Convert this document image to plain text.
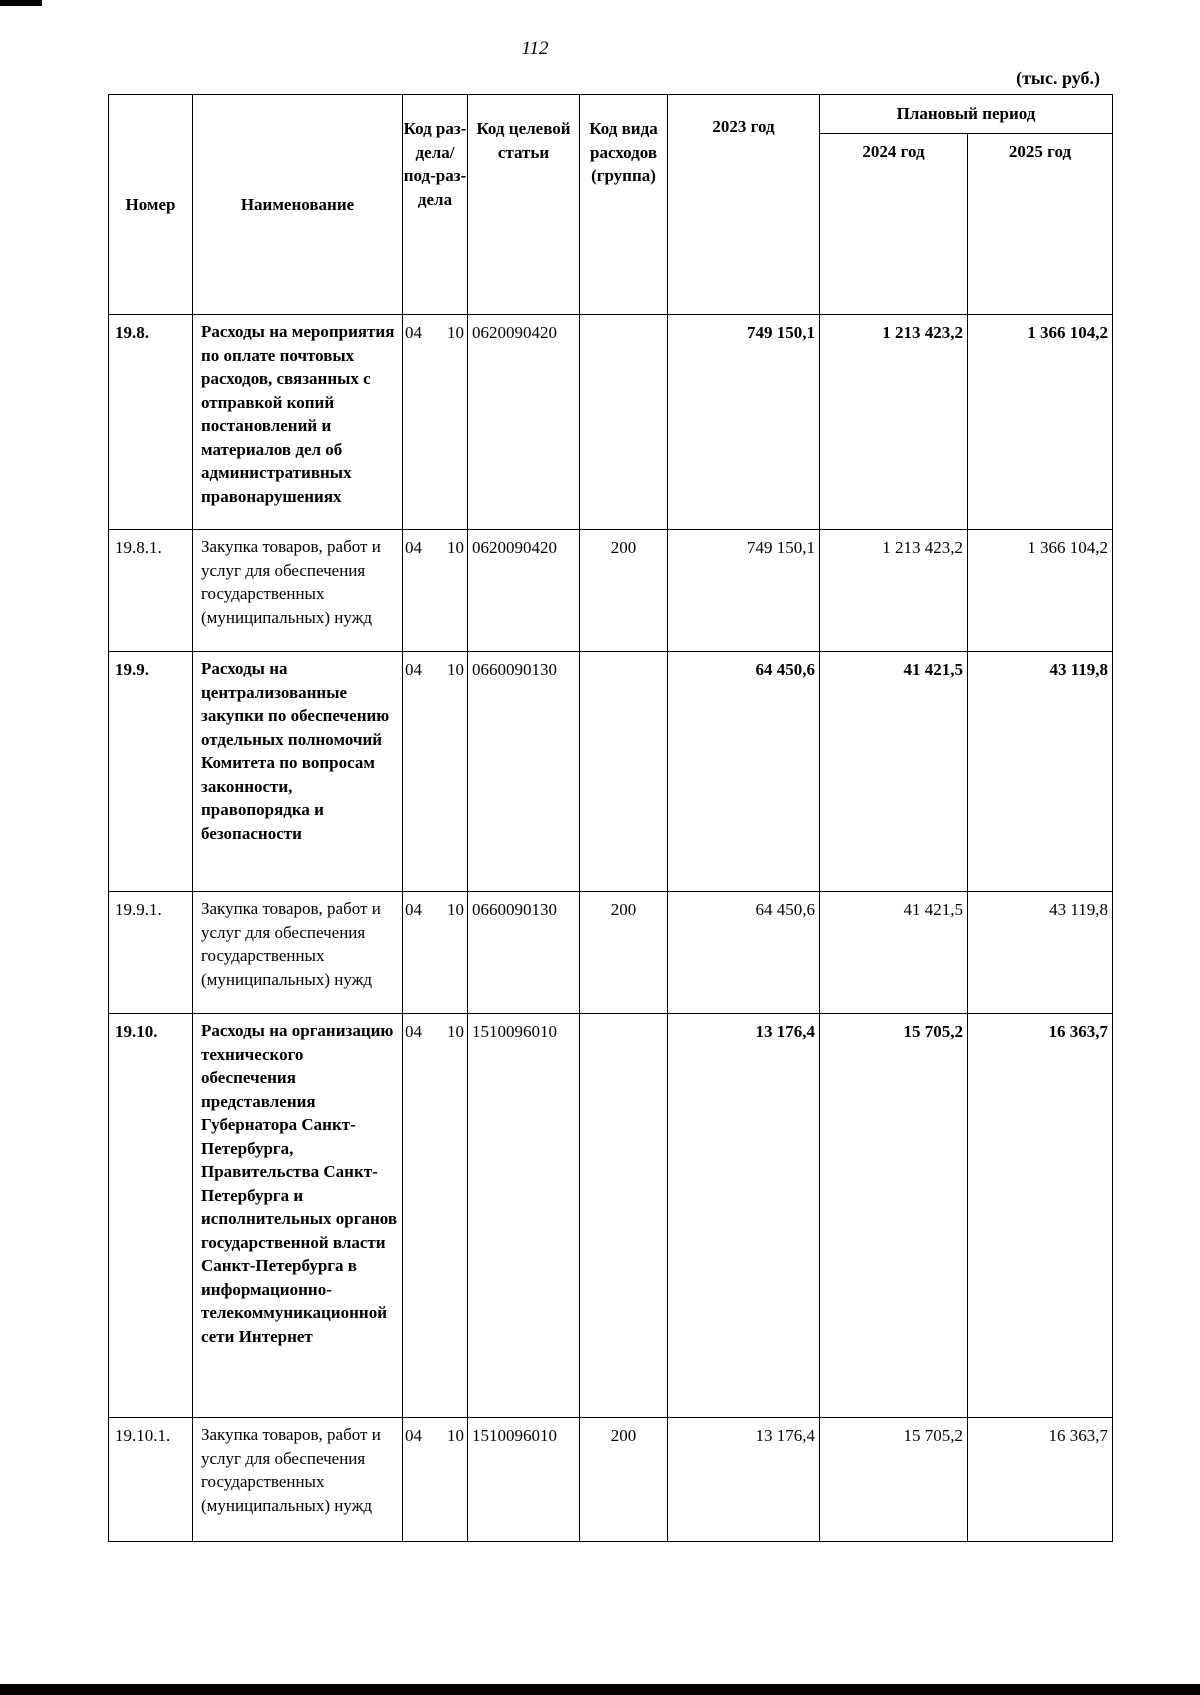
112
(тыс. руб.)
Номер	Наименование	Код раз-дела/ под-раз-дела	Код целевой статьи	Код вида расходов (группа)	2023 год	Плановый период	
						2024 год	2025 год
19.8.	Расходы на мероприятия по оплате почтовых расходов, связанных с отправкой копий постановлений и материалов дел об административных правонарушениях	04 10	0620090420		749 150,1	1 213 423,2	1 366 104,2
19.8.1.	Закупка товаров, работ и услуг для обеспечения государственных (муниципальных) нужд	04 10	0620090420	200	749 150,1	1 213 423,2	1 366 104,2
19.9.	Расходы на централизованные закупки по обеспечению отдельных полномочий Комитета по вопросам законности, правопорядка и безопасности	04 10	0660090130		64 450,6	41 421,5	43 119,8
19.9.1.	Закупка товаров, работ и услуг для обеспечения государственных (муниципальных) нужд	04 10	0660090130	200	64 450,6	41 421,5	43 119,8
19.10.	Расходы на организацию технического обеспечения представления Губернатора Санкт-Петербурга, Правительства Санкт-Петербурга и исполнительных органов государственной власти Санкт-Петербурга в информационно-телекоммуникационной сети Интернет	04 10	1510096010		13 176,4	15 705,2	16 363,7
19.10.1.	Закупка товаров, работ и услуг для обеспечения государственных (муниципальных) нужд	04 10	1510096010	200	13 176,4	15 705,2	16 363,7
